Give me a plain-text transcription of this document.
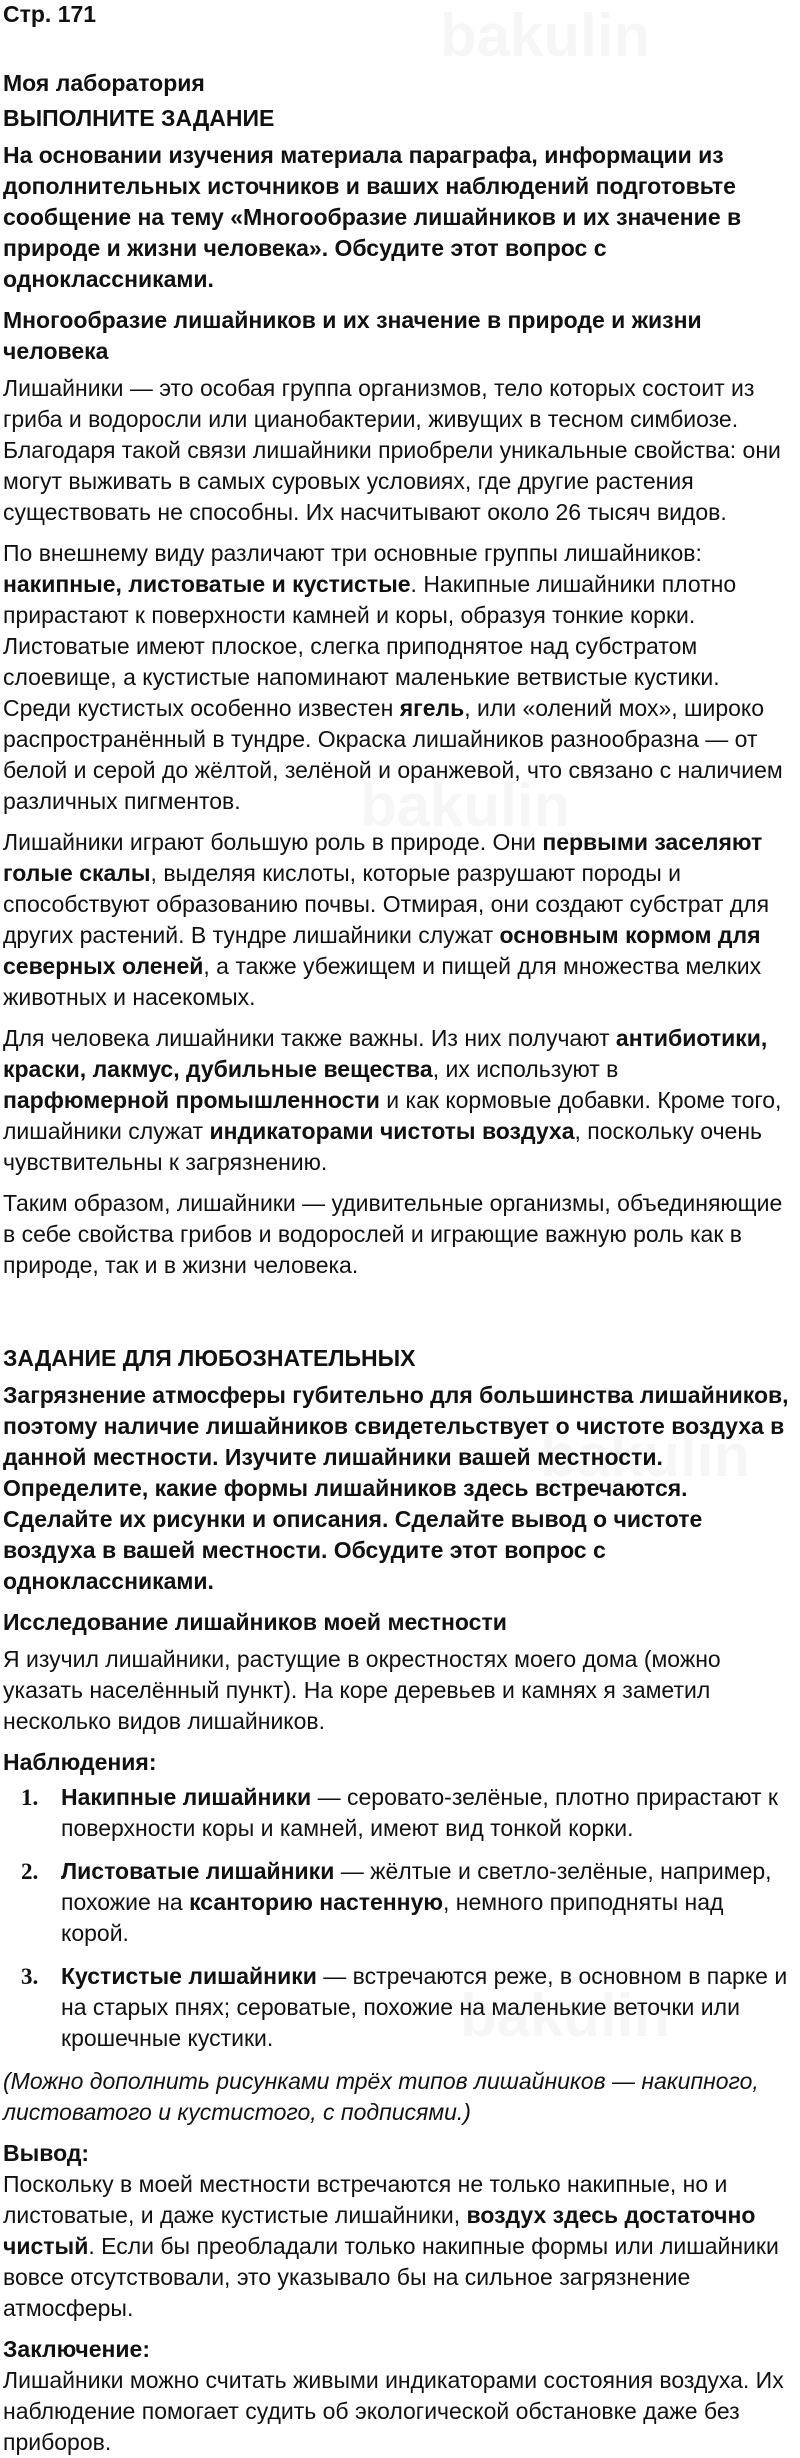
Стр. 171
Моя лаборатория
ВЫПОЛНИТЕ ЗАДАНИЕ
На основании изучения материала параграфа, информации из дополнительных источников и ваших наблюдений подготовьте сообщение на тему «Многообразие лишайников и их значение в природе и жизни человека». Обсудите этот вопрос с одноклассниками.
Многообразие лишайников и их значение в природе и жизни человека

Лишайники — это особая группа организмов, тело которых состоит из гриба и водоросли или цианобактерии, живущих в тесном симбиозе. Благодаря такой связи лишайники приобрели уникальные свойства: они могут выживать в самых суровых условиях, где другие растения существовать не способны. Их насчитывают около 26 тысяч видов.

По внешнему виду различают три основные группы лишайников: накипные, листоватые и кустистые. Накипные лишайники плотно прирастают к поверхности камней и коры, образуя тонкие корки. Листоватые имеют плоское, слегка приподнятое над субстратом слоевище, а кустистые напоминают маленькие ветвистые кустики. Среди кустистых особенно известен ягель, или «олений мох», широко распространённый в тундре. Окраска лишайников разнообразна — от белой и серой до жёлтой, зелёной и оранжевой, что связано с наличием различных пигментов.

Лишайники играют большую роль в природе. Они первыми заселяют голые скалы, выделяя кислоты, которые разрушают породы и способствуют образованию почвы. Отмирая, они создают субстрат для других растений. В тундре лишайники служат основным кормом для северных оленей, а также убежищем и пищей для множества мелких животных и насекомых.

Для человека лишайники также важны. Из них получают антибиотики, краски, лакмус, дубильные вещества, их используют в парфюмерной промышленности и как кормовые добавки. Кроме того, лишайники служат индикаторами чистоты воздуха, поскольку очень чувствительны к загрязнению.

Таким образом, лишайники — удивительные организмы, объединяющие в себе свойства грибов и водорослей и играющие важную роль как в природе, так и в жизни человека.

ЗАДАНИЕ ДЛЯ ЛЮБОЗНАТЕЛЬНЫХ
Загрязнение атмосферы губительно для большинства лишайников, поэтому наличие лишайников свидетельствует о чистоте воздуха в данной местности. Изучите лишайники вашей местности. Определите, какие формы лишайников здесь встречаются. Сделайте их рисунки и описания. Сделайте вывод о чистоте воздуха в вашей местности. Обсудите этот вопрос с одноклассниками.
Исследование лишайников моей местности

Я изучил лишайники, растущие в окрестностях моего дома (можно указать населённый пункт). На коре деревьев и камнях я заметил несколько видов лишайников.

Наблюдения:
1. Накипные лишайники — серовато-зелёные, плотно прирастают к поверхности коры и камней, имеют вид тонкой корки.
2. Листоватые лишайники — жёлтые и светло-зелёные, например, похожие на ксанторию настенную, немного приподняты над корой.
3. Кустистые лишайники — встречаются реже, в основном в парке и на старых пнях; сероватые, похожие на маленькие веточки или крошечные кустики.
(Можно дополнить рисунками трёх типов лишайников — накипного, листоватого и кустистого, с подписями.)
Вывод:

Поскольку в моей местности встречаются не только накипные, но и листоватые, и даже кустистые лишайники, воздух здесь достаточно чистый. Если бы преобладали только накипные формы или лишайники вовсе отсутствовали, это указывало бы на сильное загрязнение атмосферы.

Заключение:

Лишайники можно считать живыми индикаторами состояния воздуха. Их наблюдение помогает судить об экологической обстановке даже без приборов.
